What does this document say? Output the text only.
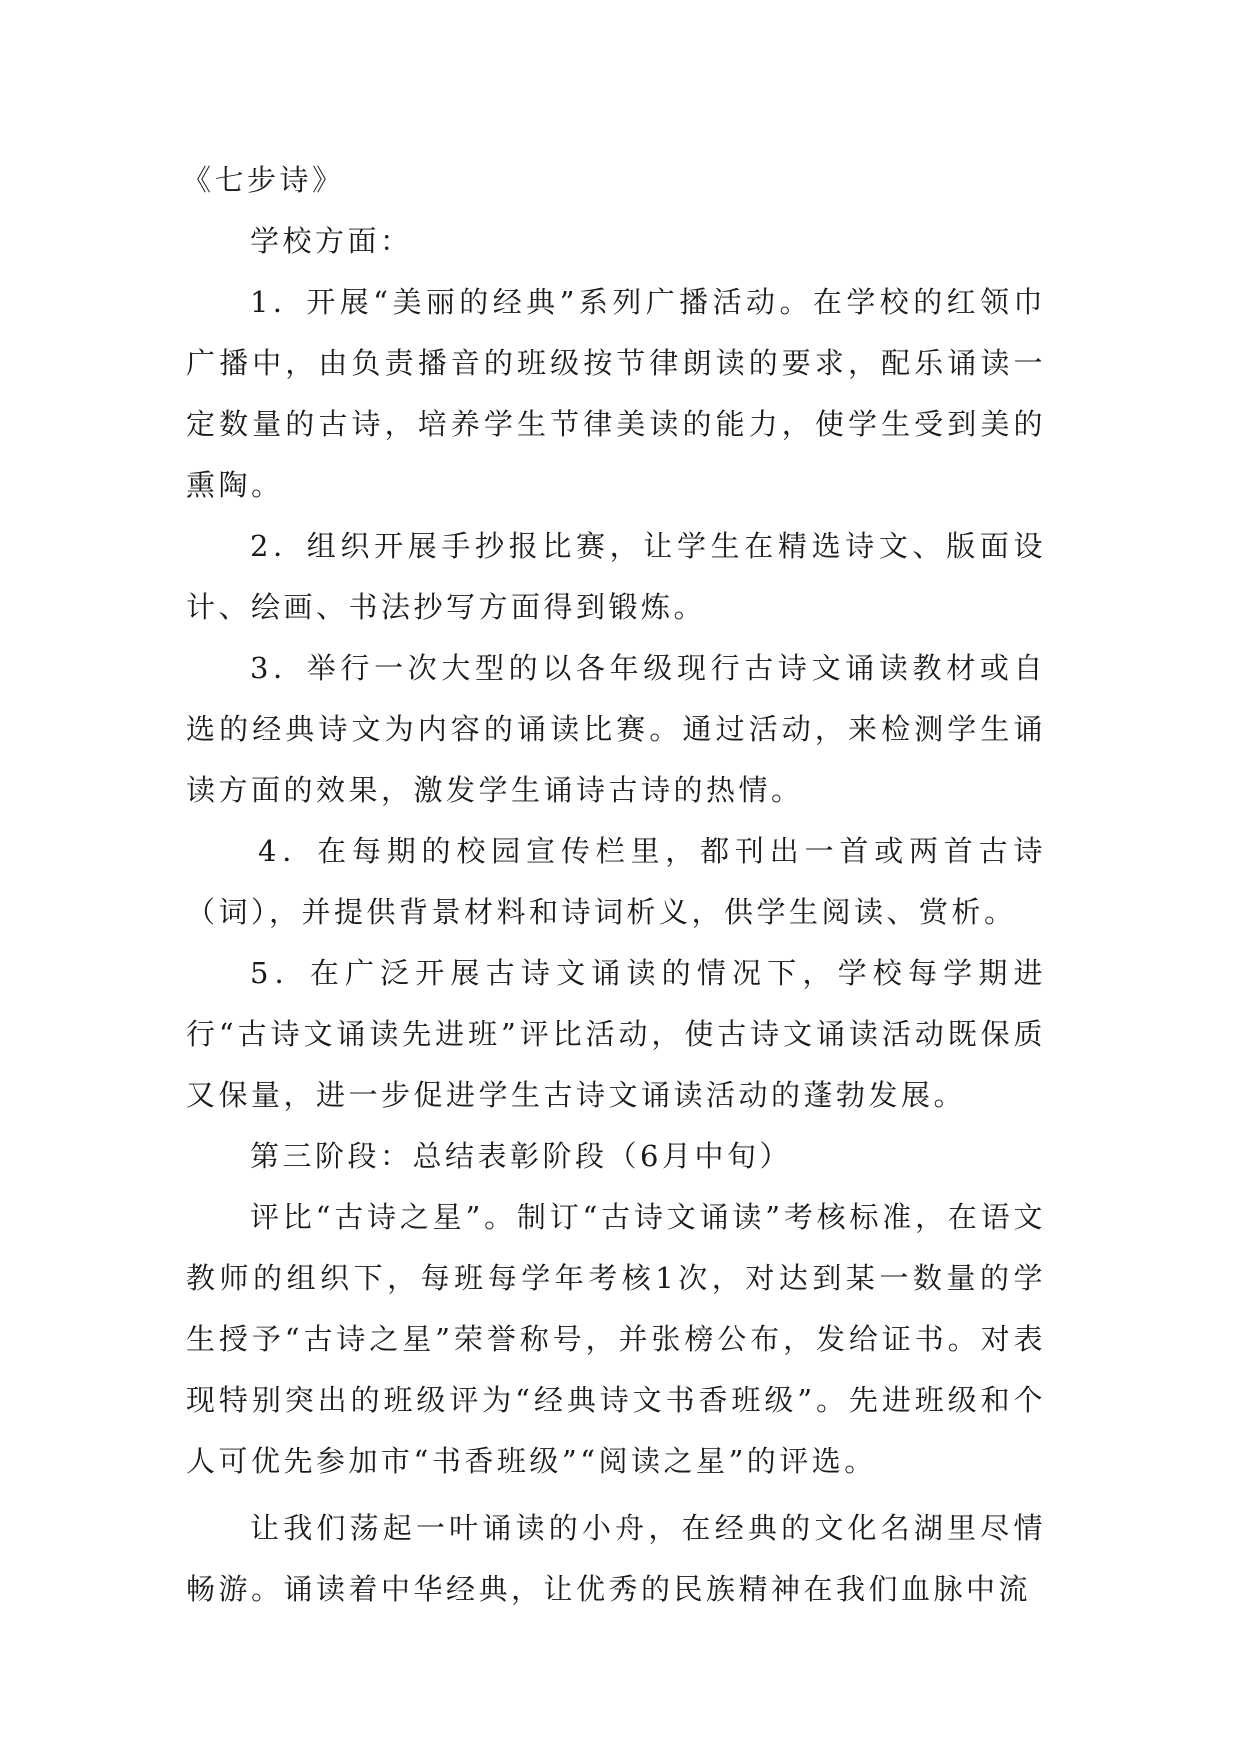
《七步诗》

学校方面：

1．开展“美丽的经典”系列广播活动。在学校的红领巾广播中，由负责播音的班级按节律朗读的要求，配乐诵读一定数量的古诗，培养学生节律美读的能力，使学生受到美的熏陶。

2．组织开展手抄报比赛，让学生在精选诗文、版面设计、绘画、书法抄写方面得到锻炼。

3．举行一次大型的以各年级现行古诗文诵读教材或自选的经典诗文为内容的诵读比赛。通过活动，来检测学生诵读方面的效果，激发学生诵诗古诗的热情。

4．在每期的校园宣传栏里，都刊出一首或两首古诗（词），并提供背景材料和诗词析义，供学生阅读、赏析。

5．在广泛开展古诗文诵读的情况下，学校每学期进行“古诗文诵读先进班”评比活动，使古诗文诵读活动既保质又保量，进一步促进学生古诗文诵读活动的蓬勃发展。

第三阶段：总结表彰阶段（6月中旬）

评比“古诗之星”。制订“古诗文诵读”考核标准，在语文教师的组织下，每班每学年考核1次，对达到某一数量的学生授予“古诗之星”荣誉称号，并张榜公布，发给证书。对表现特别突出的班级评为“经典诗文书香班级”。先进班级和个人可优先参加市“书香班级”“阅读之星”的评选。

让我们荡起一叶诵读的小舟，在经典的文化名湖里尽情畅游。诵读着中华经典，让优秀的民族精神在我们血脉中流
